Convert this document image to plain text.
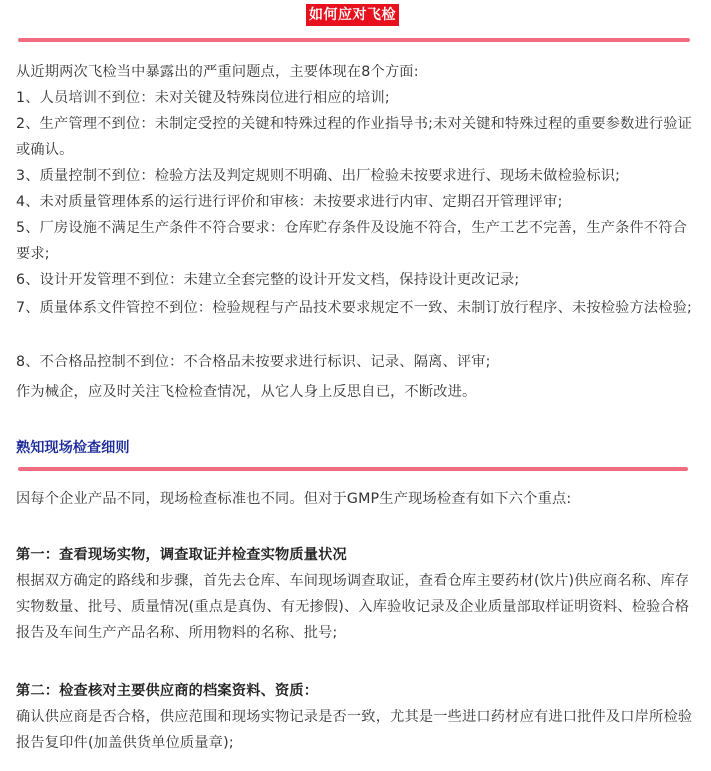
如何应对飞检
从近期两次飞检当中暴露出的严重问题点，主要体现在8个方面:
1、人员培训不到位：未对关键及特殊岗位进行相应的培训;
2、生产管理不到位：未制定受控的关键和特殊过程的作业指导书;未对关键和特殊过程的重要参数进行验证或确认。
3、质量控制不到位：检验方法及判定规则不明确、出厂检验未按要求进行、现场未做检验标识;
4、未对质量管理体系的运行进行评价和审核：未按要求进行内审、定期召开管理评审;
5、厂房设施不满足生产条件不符合要求：仓库贮存条件及设施不符合，生产工艺不完善，生产条件不符合要求;
6、设计开发管理不到位：未建立全套完整的设计开发文档，保持设计更改记录;
7、质量体系文件管控不到位：检验规程与产品技术要求规定不一致、未制订放行程序、未按检验方法检验;
8、不合格品控制不到位：不合格品未按要求进行标识、记录、隔离、评审;
作为械企，应及时关注飞检检查情况，从它人身上反思自已，不断改进。
熟知现场检查细则
因每个企业产品不同，现场检查标准也不同。但对于GMP生产现场检查有如下六个重点:
第一：查看现场实物，调查取证并检查实物质量状况
根据双方确定的路线和步骤，首先去仓库、车间现场调查取证，查看仓库主要药材(饮片)供应商名称、库存实物数量、批号、质量情况(重点是真伪、有无掺假)、入库验收记录及企业质量部取样证明资料、检验合格报告及车间生产产品名称、所用物料的名称、批号;
第二：检查核对主要供应商的档案资料、资质：
确认供应商是否合格，供应范围和现场实物记录是否一致，尤其是一些进口药材应有进口批件及口岸所检验报告复印件(加盖供货单位质量章);
